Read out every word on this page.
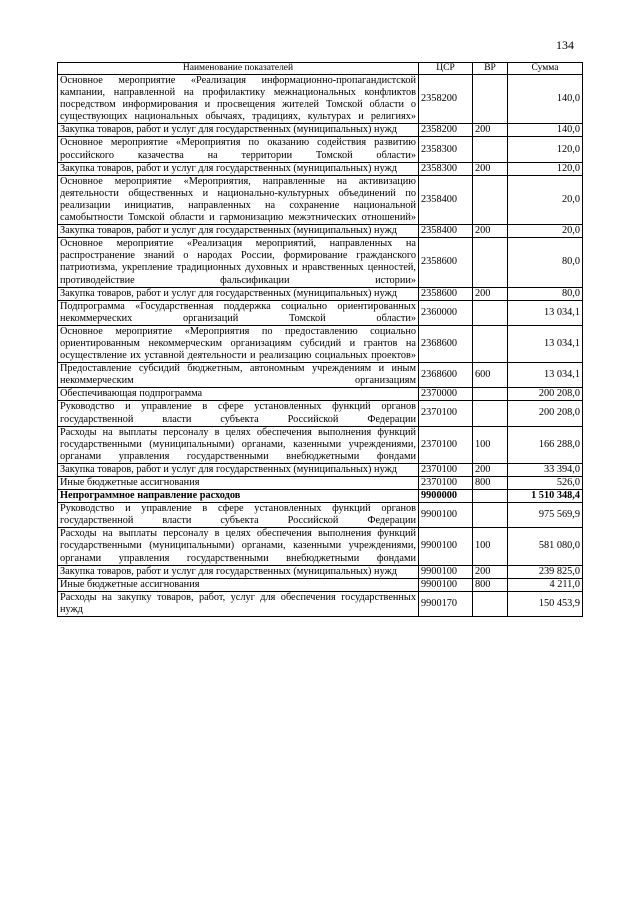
134
Наименование показателей	ЦСР	ВР	Сумма
Основное мероприятие «Реализация информационно-пропагандистской кампании, направленной на профилактику межнациональных конфликтов посредством информирования и просвещения жителей Томской области о существующих национальных обычаях, традициях, культурах и религиях»	2358200		140,0
Закупка товаров, работ и услуг для государственных (муниципальных) нужд	2358200	200	140,0
Основное мероприятие «Мероприятия по оказанию содействия развитию российского казачества на территории Томской области»	2358300		120,0
Закупка товаров, работ и услуг для государственных (муниципальных) нужд	2358300	200	120,0
Основное мероприятие «Мероприятия, направленные на активизацию деятельности общественных и национально-культурных объединений по реализации инициатив, направленных на сохранение национальной самобытности Томской области и гармонизацию межэтнических отношений»	2358400		20,0
Закупка товаров, работ и услуг для государственных (муниципальных) нужд	2358400	200	20,0
Основное мероприятие «Реализация мероприятий, направленных на распространение знаний о народах России, формирование гражданского патриотизма, укрепление традиционных духовных и нравственных ценностей, противодействие фальсификации истории»	2358600		80,0
Закупка товаров, работ и услуг для государственных (муниципальных) нужд	2358600	200	80,0
Подпрограмма «Государственная поддержка социально ориентированных некоммерческих организаций Томской области»	2360000		13 034,1
Основное мероприятие «Мероприятия по предоставлению социально ориентированным некоммерческим организациям субсидий и грантов на осуществление их уставной деятельности и реализацию социальных проектов»	2368600		13 034,1
Предоставление субсидий бюджетным, автономным учреждениям и иным некоммерческим организациям	2368600	600	13 034,1
Обеспечивающая подпрограмма	2370000		200 208,0
Руководство и управление в сфере установленных функций органов государственной власти субъекта Российской Федерации	2370100		200 208,0
Расходы на выплаты персоналу в целях обеспечения выполнения функций государственными (муниципальными) органами, казенными учреждениями, органами управления государственными внебюджетными фондами	2370100	100	166 288,0
Закупка товаров, работ и услуг для государственных (муниципальных) нужд	2370100	200	33 394,0
Иные бюджетные ассигнования	2370100	800	526,0
Непрограммное направление расходов	9900000		1 510 348,4
Руководство и управление в сфере установленных функций органов государственной власти субъекта Российской Федерации	9900100		975 569,9
Расходы на выплаты персоналу в целях обеспечения выполнения функций государственными (муниципальными) органами, казенными учреждениями, органами управления государственными внебюджетными фондами	9900100	100	581 080,0
Закупка товаров, работ и услуг для государственных (муниципальных) нужд	9900100	200	239 825,0
Иные бюджетные ассигнования	9900100	800	4 211,0
Расходы на закупку товаров, работ, услуг для обеспечения государственных нужд	9900170		150 453,9
